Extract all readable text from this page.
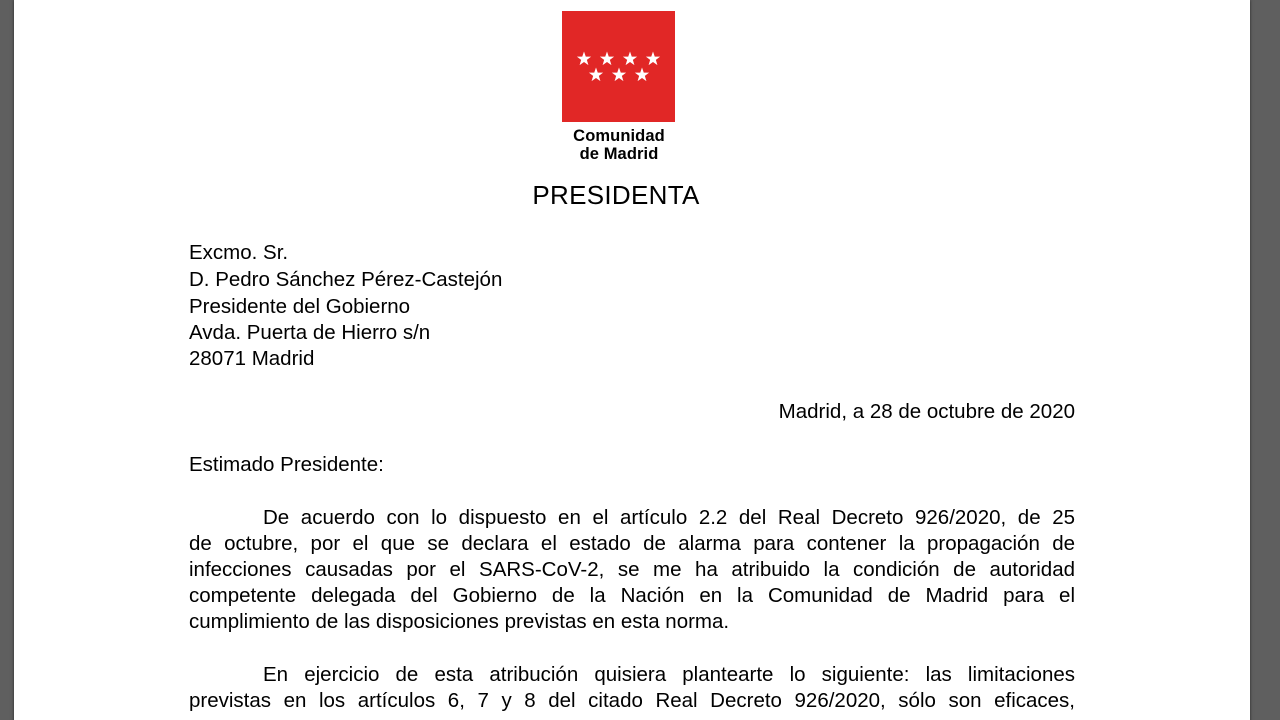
Comunidad
de Madrid
PRESIDENTA
Excmo. Sr.
D. Pedro Sánchez Pérez-Castejón
Presidente del Gobierno
Avda. Puerta de Hierro s/n
28071 Madrid
Madrid, a 28 de octubre de 2020
Estimado Presidente:
De acuerdo con lo dispuesto en el artículo 2.2 del Real Decreto 926/2020, de 25
de octubre, por el que se declara el estado de alarma para contener la propagación de
infecciones causadas por el SARS-CoV-2, se me ha atribuido la condición de autoridad
competente delegada del Gobierno de la Nación en la Comunidad de Madrid para el
cumplimiento de las disposiciones previstas en esta norma.
En ejercicio de esta atribución quisiera plantearte lo siguiente: las limitaciones
previstas en los artículos 6, 7 y 8 del citado Real Decreto 926/2020, sólo son eficaces,
